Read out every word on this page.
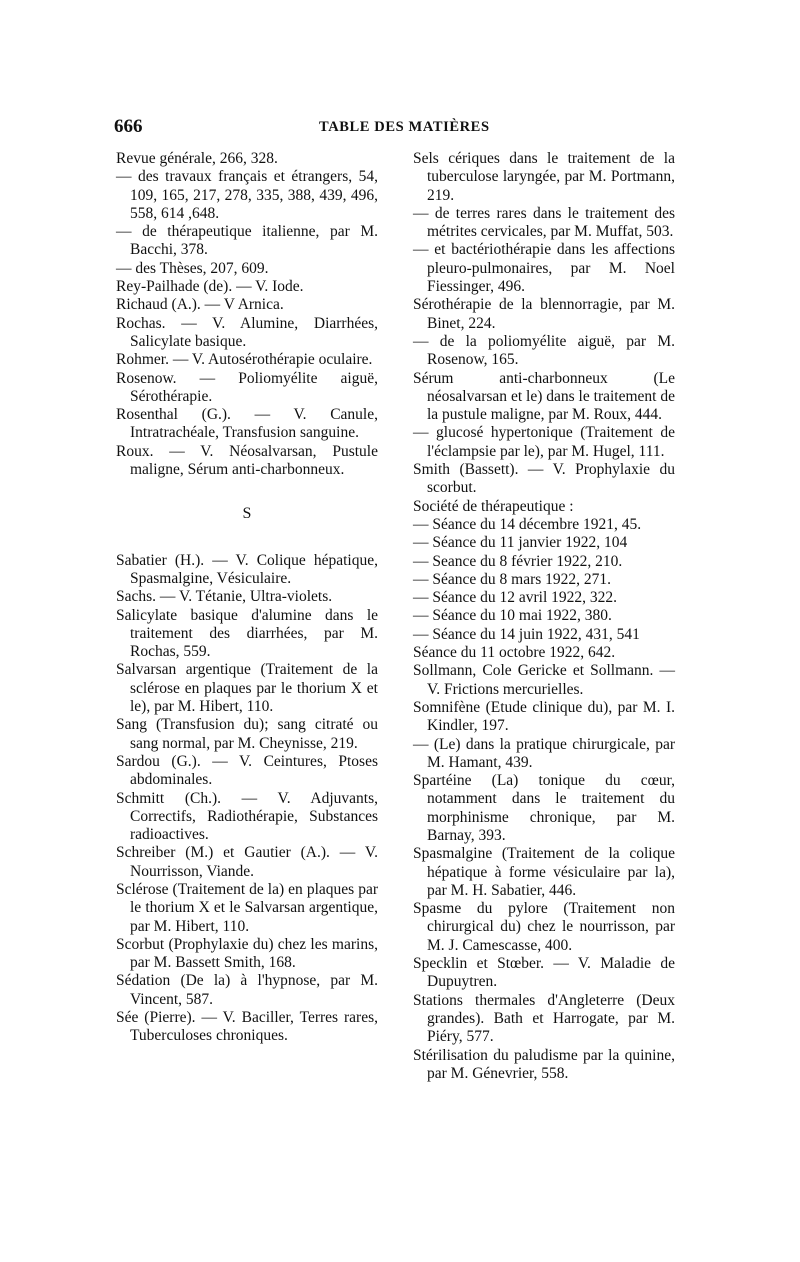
666	TABLE DES MATIÈRES

Revue générale, 266, 328.

— des travaux français et étrangers, 54, 109, 165, 217, 278, 335, 388, 439, 496, 558, 614 ,648.

— de thérapeutique italienne, par M. Bacchi, 378.

— des Thèses, 207, 609.

Rey-Pailhade (de). — V. Iode.

Richaud (A.). — V Arnica.

Rochas. — V. Alumine, Diarrhées, Salicylate basique.

Rohmer. — V. Autosérothérapie oculaire.

Rosenow. — Poliomyélite aiguë, Sérothérapie.

Rosenthal (G.). — V. Canule, Intratrachéale, Transfusion sanguine.

Roux. — V. Néosalvarsan, Pustule maligne, Sérum anti-charbonneux.

S

Sabatier (H.). — V. Colique hépatique, Spasmalgine, Vésiculaire.

Sachs. — V. Tétanie, Ultra-violets.

Salicylate basique d'alumine dans le traitement des diarrhées, par M. Rochas, 559.

Salvarsan argentique (Traitement de la sclérose en plaques par le thorium X et le), par M. Hibert, 110.

Sang (Transfusion du); sang citraté ou sang normal, par M. Cheynisse, 219.

Sardou (G.). — V. Ceintures, Ptoses abdominales.

Schmitt (Ch.). — V. Adjuvants, Correctifs, Radiothérapie, Substances radioactives.

Schreiber (M.) et Gautier (A.). — V. Nourrisson, Viande.

Sclérose (Traitement de la) en plaques par le thorium X et le Salvarsan argentique, par M. Hibert, 110.

Scorbut (Prophylaxie du) chez les marins, par M. Bassett Smith, 168.

Sédation (De la) à l'hypnose, par M. Vincent, 587.

Sée (Pierre). — V. Baciller, Terres rares, Tuberculoses chroniques.

Sels cériques dans le traitement de la tuberculose laryngée, par M. Portmann, 219.

— de terres rares dans le traitement des métrites cervicales, par M. Muffat, 503.

— et bactériothérapie dans les affections pleuro-pulmonaires, par M. Noel Fiessinger, 496.

Sérothérapie de la blennorragie, par M. Binet, 224.

— de la poliomyélite aiguë, par M. Rosenow, 165.

Sérum anti-charbonneux (Le néosalvarsan et le) dans le traitement de la pustule maligne, par M. Roux, 444.

— glucosé hypertonique (Traitement de l'éclampsie par le), par M. Hugel, 111.

Smith (Bassett). — V. Prophylaxie du scorbut.

Société de thérapeutique :

— Séance du 14 décembre 1921, 45.

— Séance du 11 janvier 1922, 104

— Seance du 8 février 1922, 210.

— Séance du 8 mars 1922, 271.

— Séance du 12 avril 1922, 322.

— Séance du 10 mai 1922, 380.

— Séance du 14 juin 1922, 431, 541

Séance du 11 octobre 1922, 642.

Sollmann, Cole Gericke et Sollmann. — V. Frictions mercurielles.

Somnifène (Etude clinique du), par M. I. Kindler, 197.

— (Le) dans la pratique chirurgicale, par M. Hamant, 439.

Spartéine (La) tonique du cœur, notamment dans le traitement du morphinisme chronique, par M. Barnay, 393.

Spasmalgine (Traitement de la colique hépatique à forme vésiculaire par la), par M. H. Sabatier, 446.

Spasme du pylore (Traitement non chirurgical du) chez le nourrisson, par M. J. Camescasse, 400.

Specklin et Stœber. — V. Maladie de Dupuytren.

Stations thermales d'Angleterre (Deux grandes). Bath et Harrogate, par M. Piéry, 577.

Stérilisation du paludisme par la quinine, par M. Génevrier, 558.
